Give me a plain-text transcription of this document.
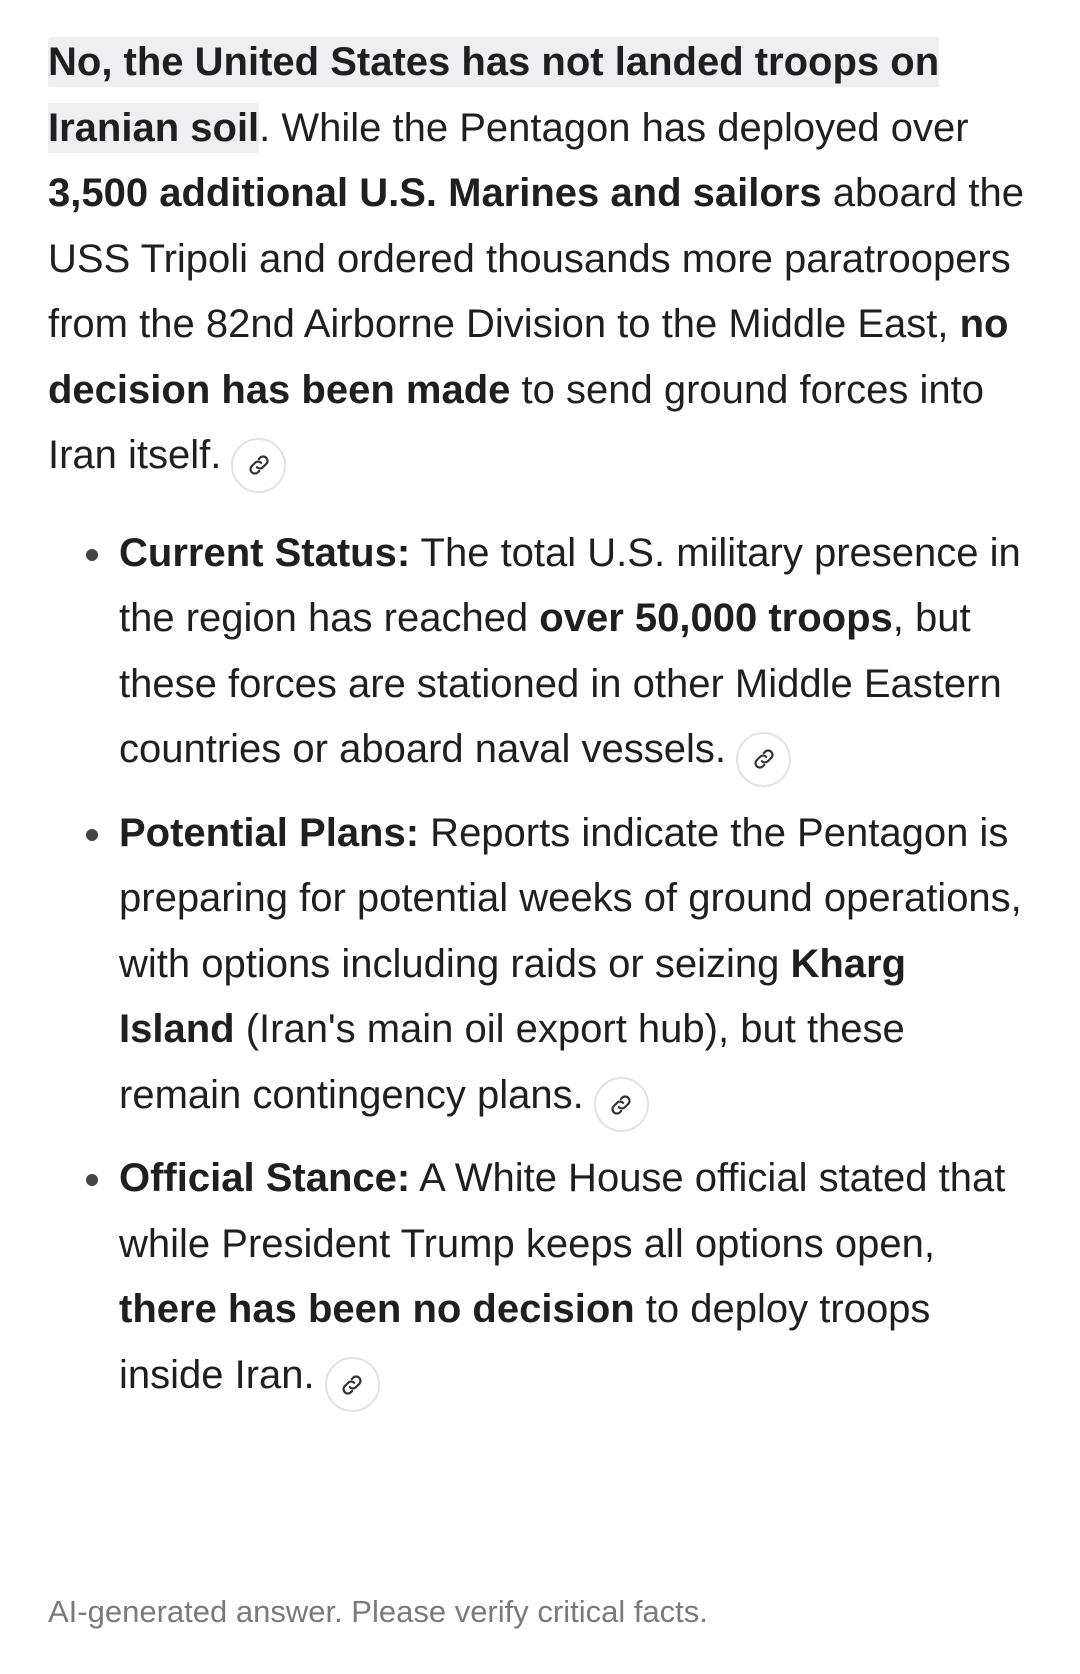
No, the United States has not landed troops on Iranian soil. While the Pentagon has deployed over 3,500 additional U.S. Marines and sailors aboard the USS Tripoli and ordered thousands more paratroopers from the 82nd Airborne Division to the Middle East, no decision has been made to send ground forces into Iran itself.

Current Status: The total U.S. military presence in the region has reached over 50,000 troops, but these forces are stationed in other Middle Eastern countries or aboard naval vessels.
Potential Plans: Reports indicate the Pentagon is preparing for potential weeks of ground operations, with options including raids or seizing Kharg Island (Iran's main oil export hub), but these remain contingency plans.
Official Stance: A White House official stated that while President Trump keeps all options open, there has been no decision to deploy troops inside Iran.
AI-generated answer. Please verify critical facts.
